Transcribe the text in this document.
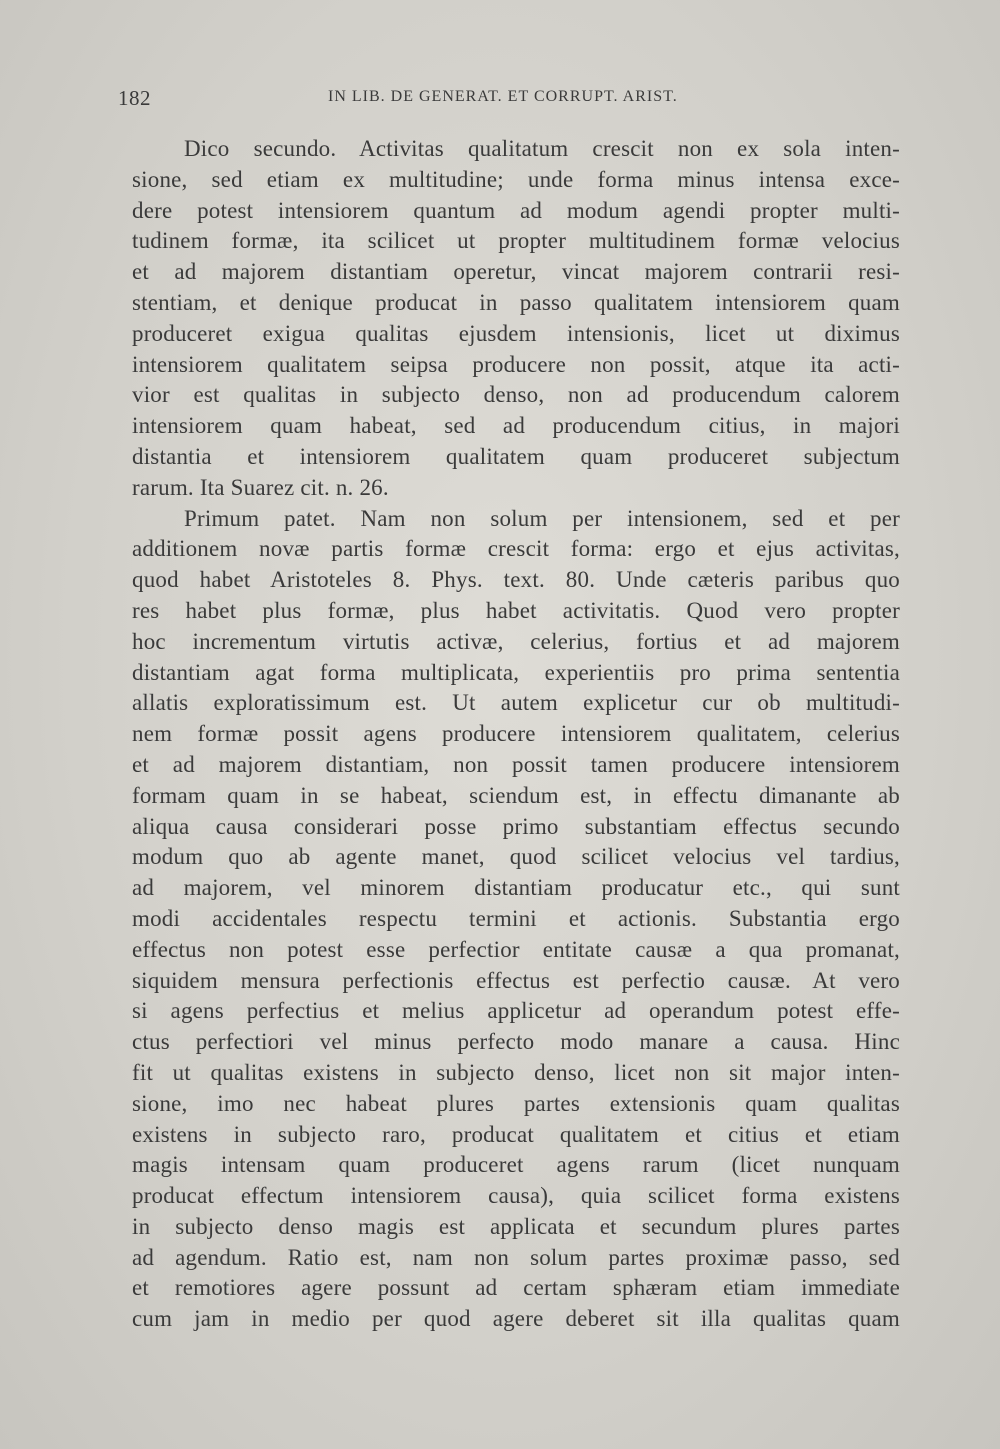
182	IN LIB. DE GENERAT. ET CORRUPT. ARIST.
Dico secundo. Activitas qualitatum crescit non ex sola inten-
sione, sed etiam ex multitudine; unde forma minus intensa exce-
dere potest intensiorem quantum ad modum agendi propter multi-
tudinem formæ, ita scilicet ut propter multitudinem formæ velocius
et ad majorem distantiam operetur, vincat majorem contrarii resi-
stentiam, et denique producat in passo qualitatem intensiorem quam
produceret exigua qualitas ejusdem intensionis, licet ut diximus
intensiorem qualitatem seipsa producere non possit, atque ita acti-
vior est qualitas in subjecto denso, non ad producendum calorem
intensiorem quam habeat, sed ad producendum citius, in majori
distantia et intensiorem qualitatem quam produceret subjectum
rarum. Ita Suarez cit. n. 26.
Primum patet. Nam non solum per intensionem, sed et per
additionem novæ partis formæ crescit forma: ergo et ejus activitas,
quod habet Aristoteles 8. Phys. text. 80. Unde cæteris paribus quo
res habet plus formæ, plus habet activitatis. Quod vero propter
hoc incrementum virtutis activæ, celerius, fortius et ad majorem
distantiam agat forma multiplicata, experientiis pro prima sententia
allatis exploratissimum est. Ut autem explicetur cur ob multitudi-
nem formæ possit agens producere intensiorem qualitatem, celerius
et ad majorem distantiam, non possit tamen producere intensiorem
formam quam in se habeat, sciendum est, in effectu dimanante ab
aliqua causa considerari posse primo substantiam effectus secundo
modum quo ab agente manet, quod scilicet velocius vel tardius,
ad majorem, vel minorem distantiam producatur etc., qui sunt
modi accidentales respectu termini et actionis. Substantia ergo
effectus non potest esse perfectior entitate causæ a qua promanat,
siquidem mensura perfectionis effectus est perfectio causæ. At vero
si agens perfectius et melius applicetur ad operandum potest effe-
ctus perfectiori vel minus perfecto modo manare a causa. Hinc
fit ut qualitas existens in subjecto denso, licet non sit major inten-
sione, imo nec habeat plures partes extensionis quam qualitas
existens in subjecto raro, producat qualitatem et citius et etiam
magis intensam quam produceret agens rarum (licet nunquam
producat effectum intensiorem causa), quia scilicet forma existens
in subjecto denso magis est applicata et secundum plures partes
ad agendum. Ratio est, nam non solum partes proximæ passo, sed
et remotiores agere possunt ad certam sphæram etiam immediate
cum jam in medio per quod agere deberet sit illa qualitas quam
